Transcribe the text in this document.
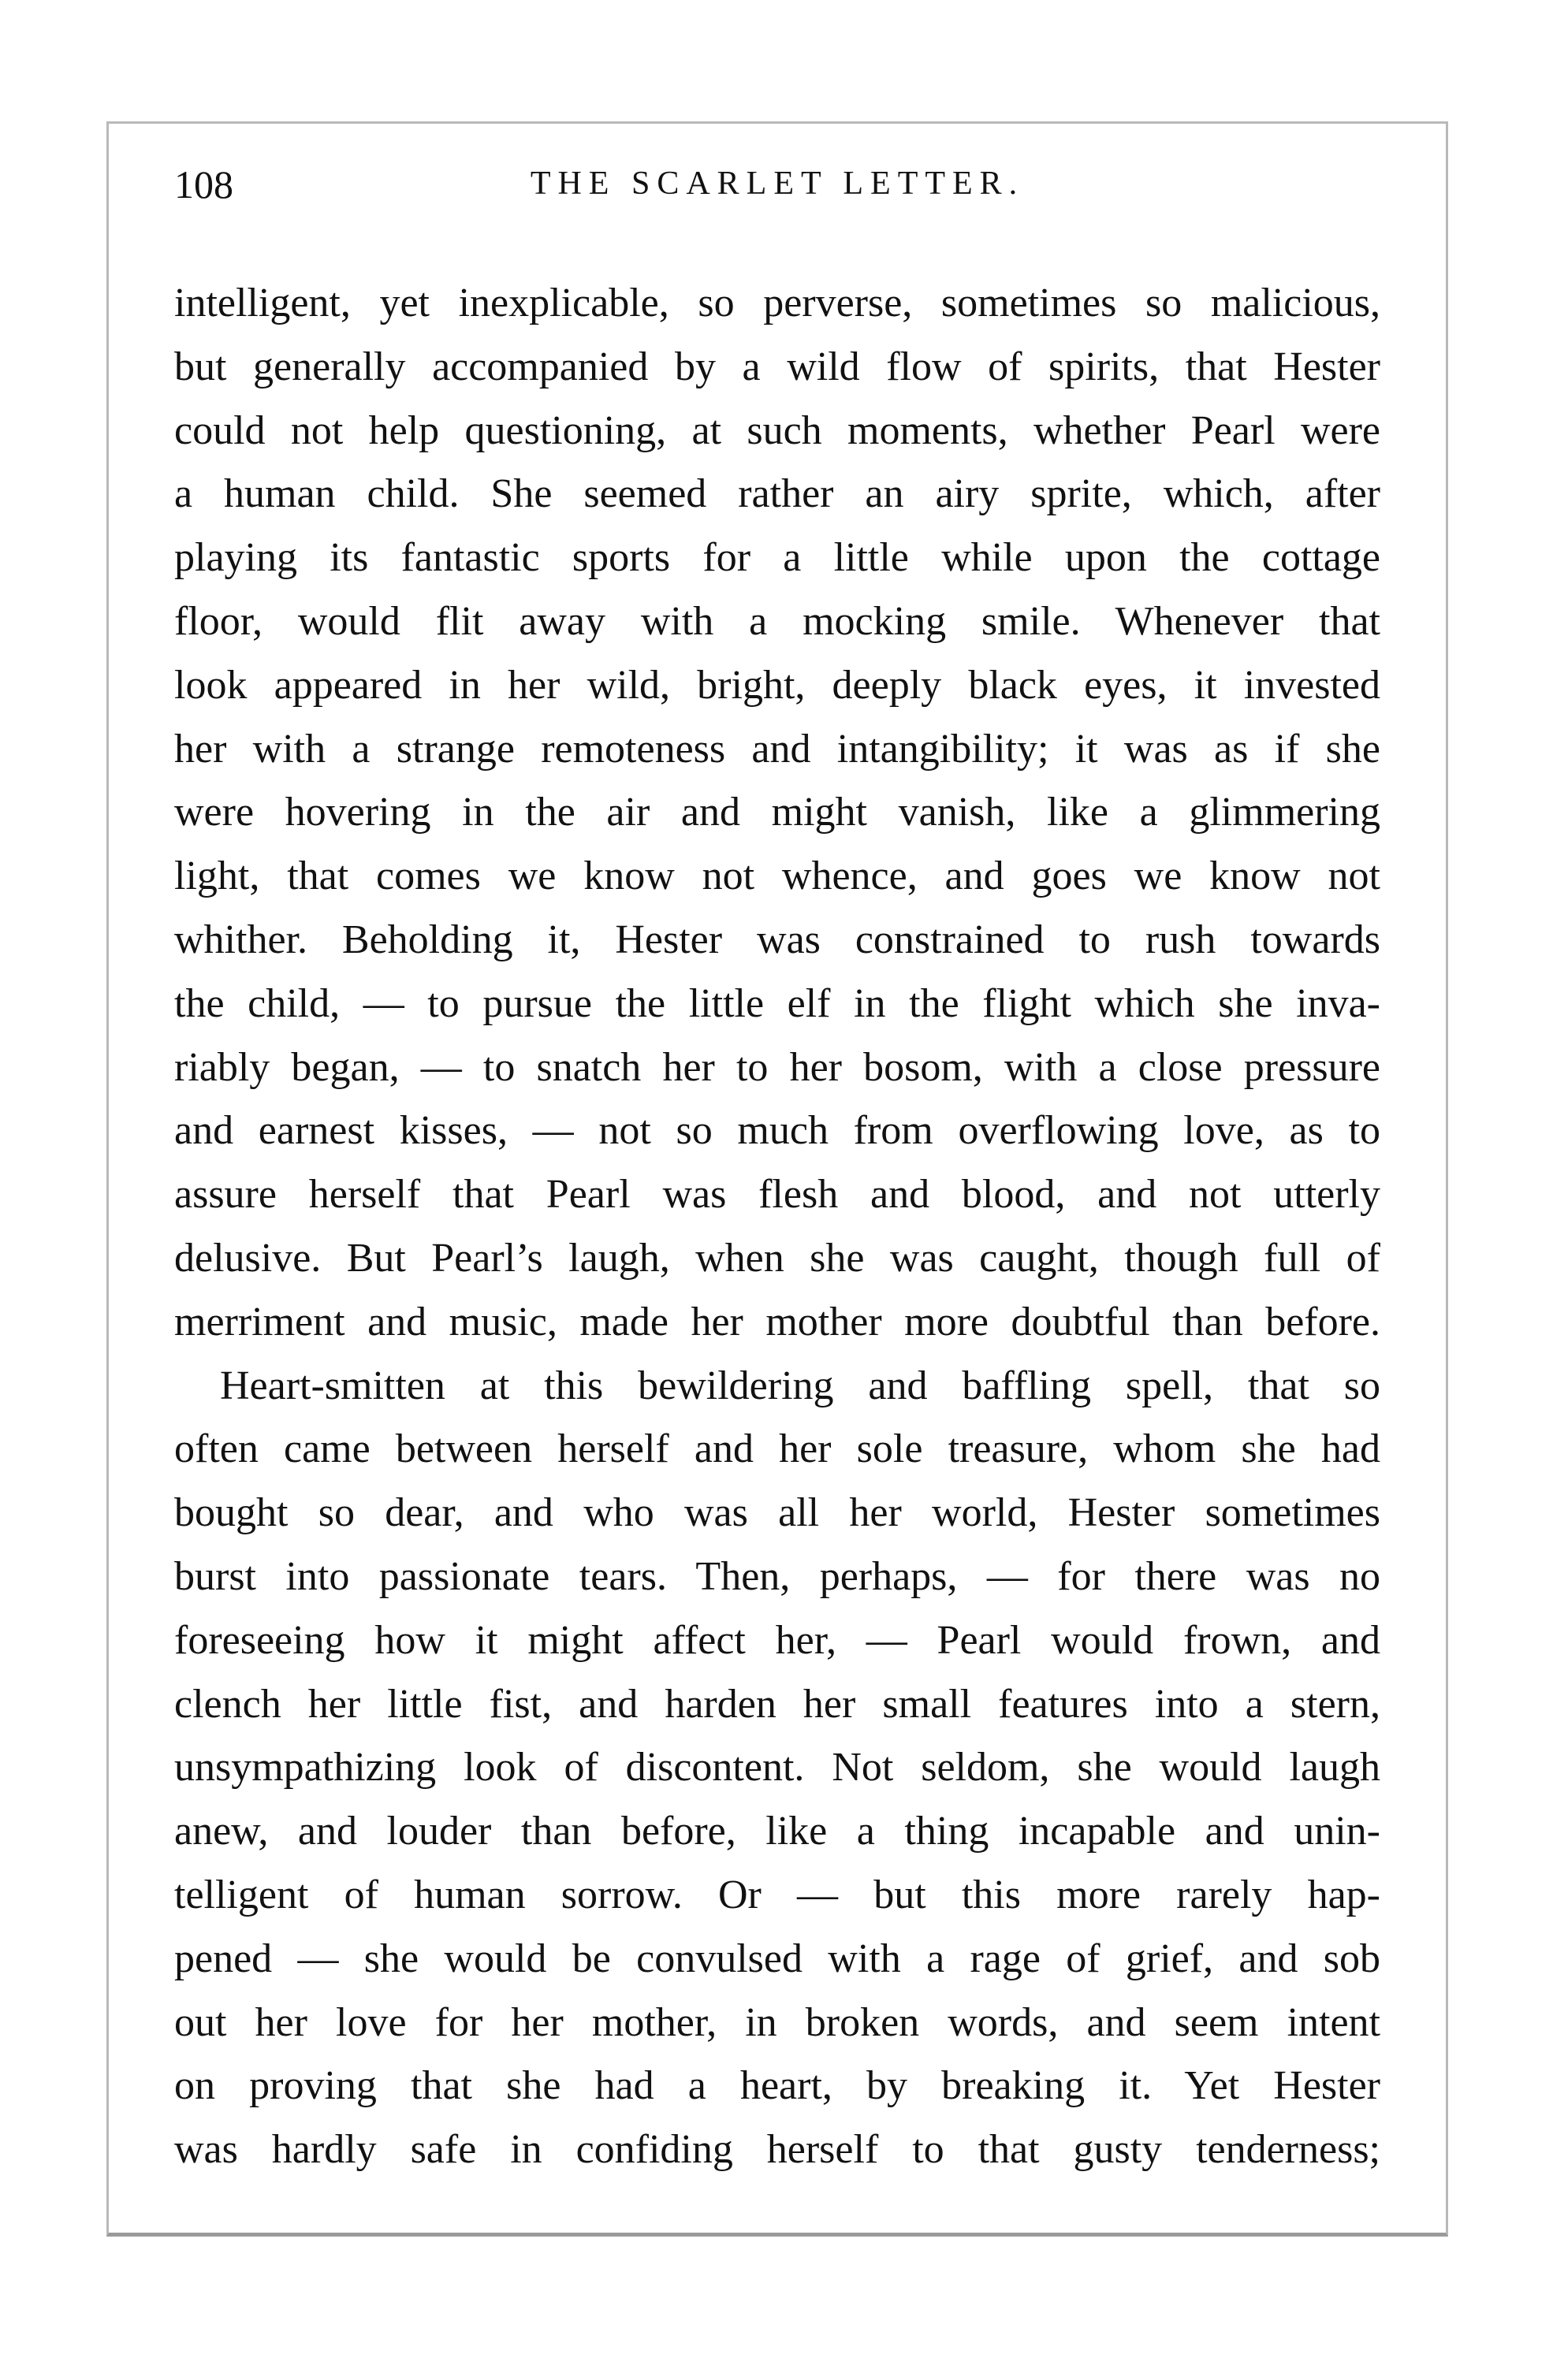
108	THE SCARLET LETTER.
intelligent, yet inexplicable, so perverse, sometimes so malicious,
but generally accompanied by a wild flow of spirits, that Hester
could not help questioning, at such moments, whether Pearl were
a human child. She seemed rather an airy sprite, which, after
playing its fantastic sports for a little while upon the cottage
floor, would flit away with a mocking smile. Whenever that
look appeared in her wild, bright, deeply black eyes, it invested
her with a strange remoteness and intangibility; it was as if she
were hovering in the air and might vanish, like a glimmering
light, that comes we know not whence, and goes we know not
whither. Beholding it, Hester was constrained to rush towards
the child, — to pursue the little elf in the flight which she inva-
riably began, — to snatch her to her bosom, with a close pressure
and earnest kisses, — not so much from overflowing love, as to
assure herself that Pearl was flesh and blood, and not utterly
delusive. But Pearl’s laugh, when she was caught, though full of
merriment and music, made her mother more doubtful than before.
Heart-smitten at this bewildering and baffling spell, that so
often came between herself and her sole treasure, whom she had
bought so dear, and who was all her world, Hester sometimes
burst into passionate tears. Then, perhaps, — for there was no
foreseeing how it might affect her, — Pearl would frown, and
clench her little fist, and harden her small features into a stern,
unsympathizing look of discontent. Not seldom, she would laugh
anew, and louder than before, like a thing incapable and unin-
telligent of human sorrow. Or — but this more rarely hap-
pened — she would be convulsed with a rage of grief, and sob
out her love for her mother, in broken words, and seem intent
on proving that she had a heart, by breaking it. Yet Hester
was hardly safe in confiding herself to that gusty tenderness;
